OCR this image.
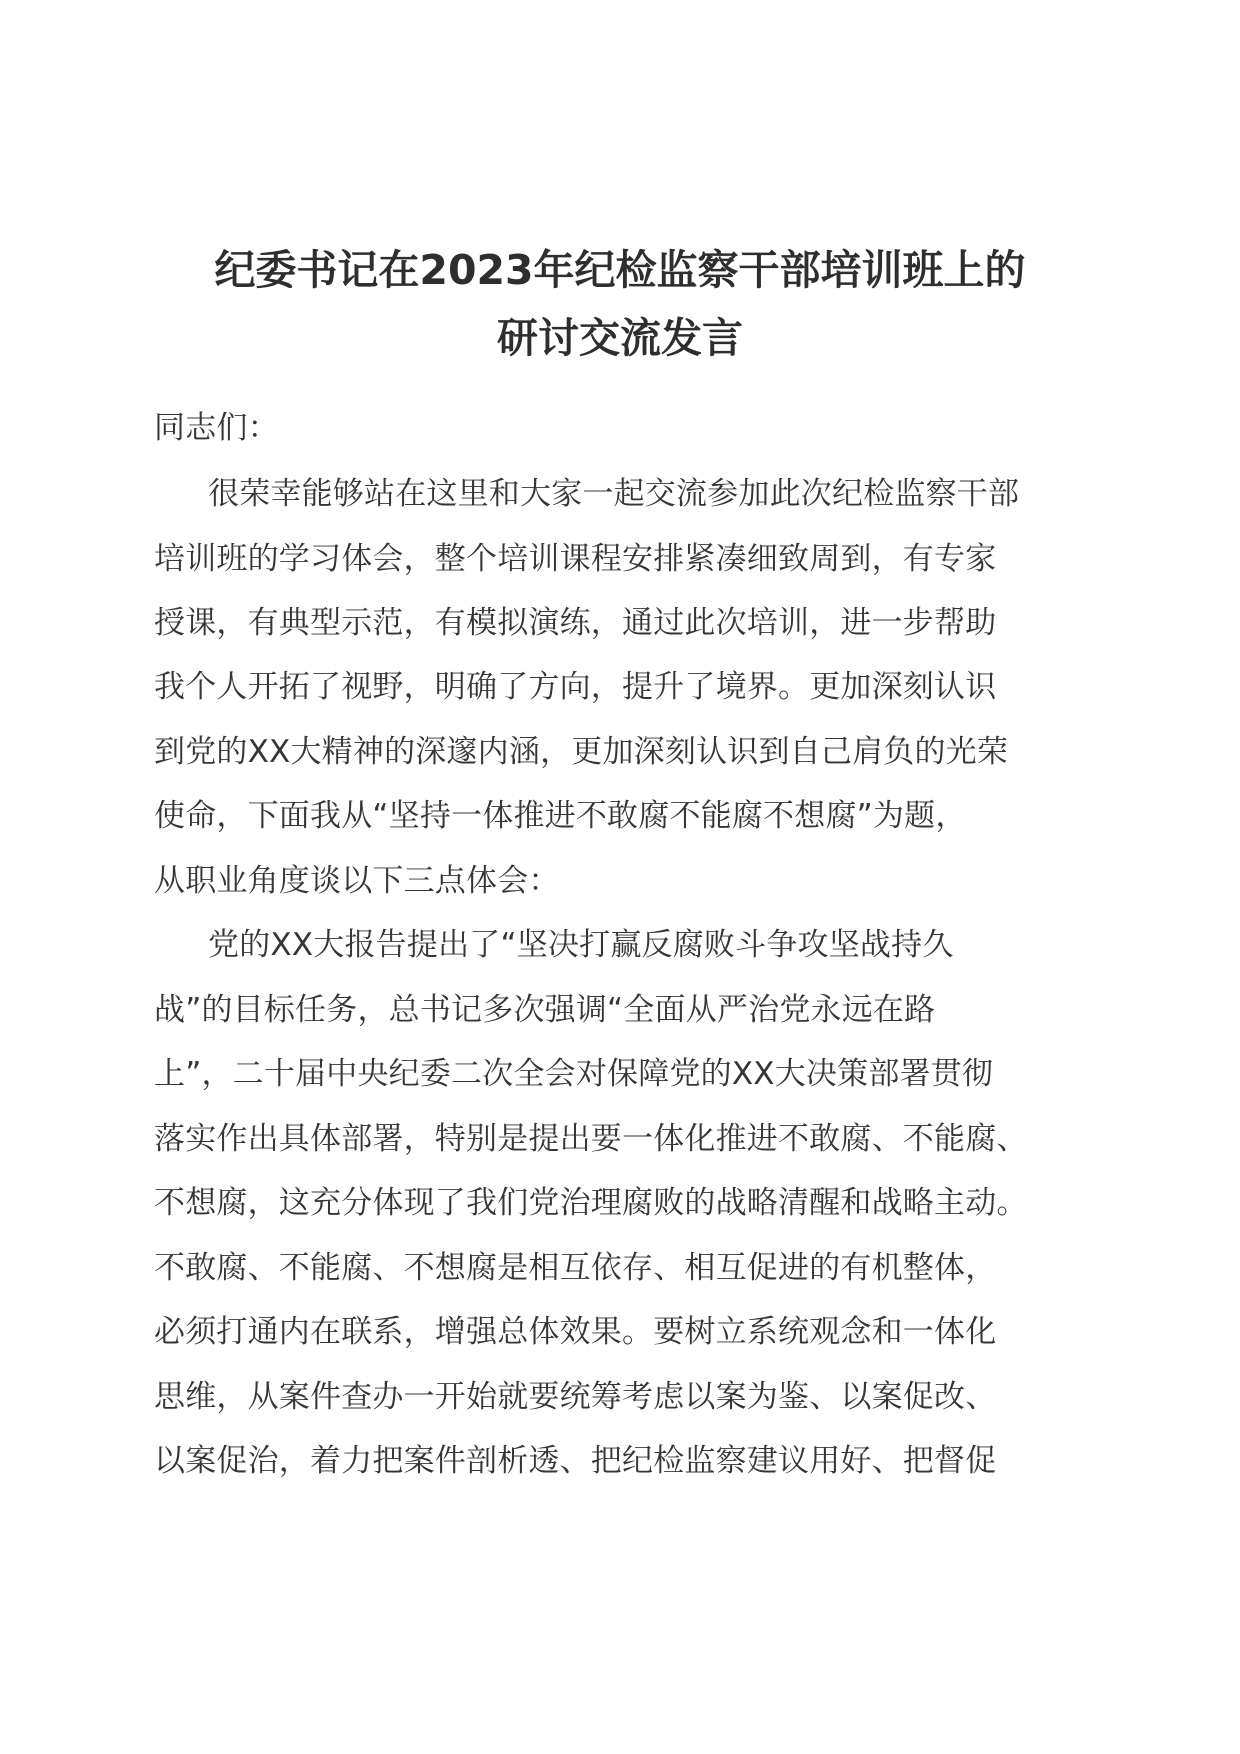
纪委书记在2023年纪检监察干部培训班上的
研讨交流发言
同志们：
很荣幸能够站在这里和大家一起交流参加此次纪检监察干部
培训班的学习体会，整个培训课程安排紧凑细致周到，有专家
授课，有典型示范，有模拟演练，通过此次培训，进一步帮助
我个人开拓了视野，明确了方向，提升了境界。更加深刻认识
到党的XX大精神的深邃内涵，更加深刻认识到自己肩负的光荣
使命，下面我从“坚持一体推进不敢腐不能腐不想腐”为题，
从职业角度谈以下三点体会：
党的XX大报告提出了“坚决打赢反腐败斗争攻坚战持久
战”的目标任务，总书记多次强调“全面从严治党永远在路
上”，二十届中央纪委二次全会对保障党的XX大决策部署贯彻
落实作出具体部署，特别是提出要一体化推进不敢腐、不能腐、
不想腐，这充分体现了我们党治理腐败的战略清醒和战略主动。
不敢腐、不能腐、不想腐是相互依存、相互促进的有机整体，
必须打通内在联系，增强总体效果。要树立系统观念和一体化
思维，从案件查办一开始就要统筹考虑以案为鉴、以案促改、
以案促治，着力把案件剖析透、把纪检监察建议用好、把督促
